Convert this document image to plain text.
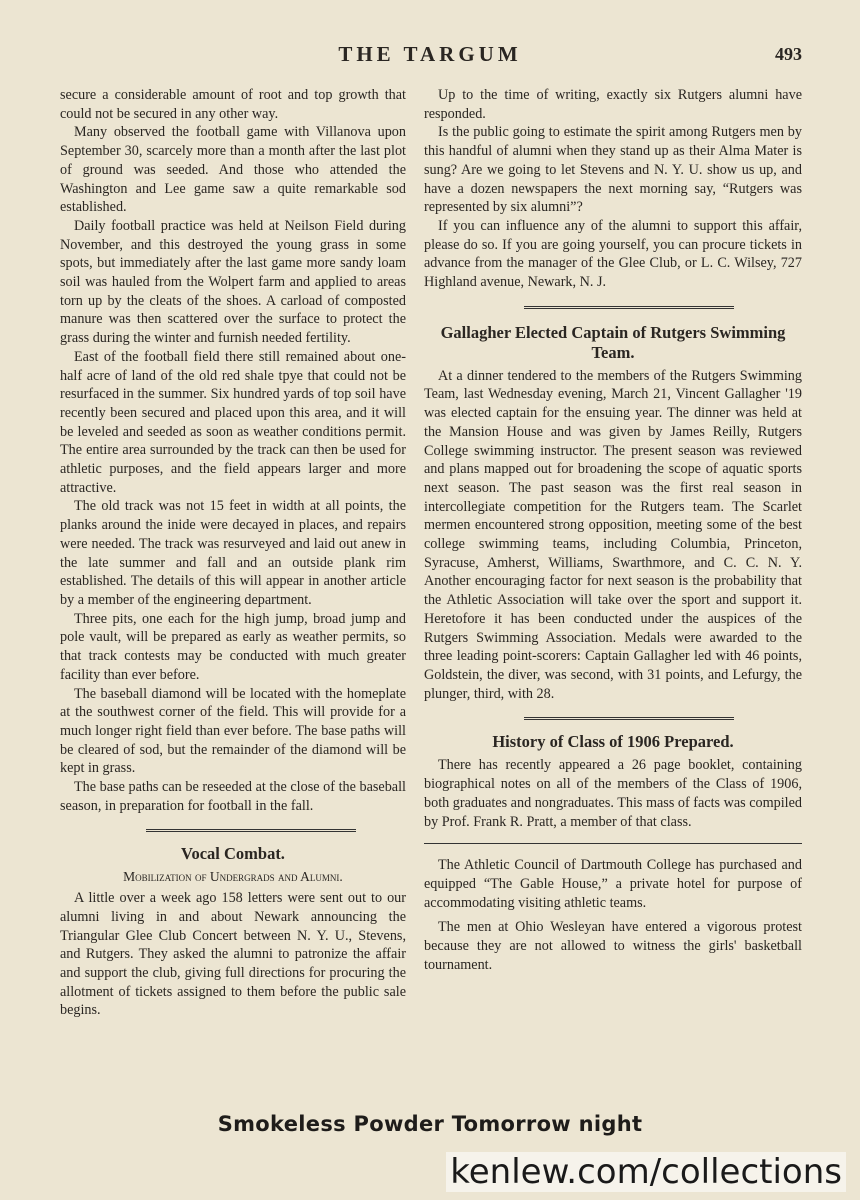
THE TARGUM	493

secure a considerable amount of root and top growth that could not be secured in any other way.

Many observed the football game with Villanova upon September 30, scarcely more than a month after the last plot of ground was seeded. And those who attended the Washington and Lee game saw a quite remarkable sod established.

Daily football practice was held at Neilson Field during November, and this destroyed the young grass in some spots, but immediately after the last game more sandy loam soil was hauled from the Wolpert farm and applied to areas torn up by the cleats of the shoes. A carload of composted manure was then scattered over the surface to protect the grass during the winter and furnish needed fertility.

East of the football field there still remained about one-half acre of land of the old red shale tpye that could not be resurfaced in the summer. Six hundred yards of top soil have recently been secured and placed upon this area, and it will be leveled and seeded as soon as weather conditions permit. The entire area surrounded by the track can then be used for athletic purposes, and the field appears larger and more attractive.

The old track was not 15 feet in width at all points, the planks around the inide were decayed in places, and repairs were needed. The track was resurveyed and laid out anew in the late summer and fall and an outside plank rim established. The details of this will appear in another article by a member of the engineering department.

Three pits, one each for the high jump, broad jump and pole vault, will be prepared as early as weather permits, so that track contests may be conducted with much greater facility than ever before.

The baseball diamond will be located with the homeplate at the southwest corner of the field. This will provide for a much longer right field than ever before. The base paths will be cleared of sod, but the remainder of the diamond will be kept in grass.

The base paths can be reseeded at the close of the baseball season, in preparation for football in the fall.

Vocal Combat.
Mobilization of Undergrads and Alumni.

A little over a week ago 158 letters were sent out to our alumni living in and about Newark announcing the Triangular Glee Club Concert between N. Y. U., Stevens, and Rutgers. They asked the alumni to patronize the affair and support the club, giving full directions for procuring the allotment of tickets assigned to them before the public sale begins.

Up to the time of writing, exactly six Rutgers alumni have responded.

Is the public going to estimate the spirit among Rutgers men by this handful of alumni when they stand up as their Alma Mater is sung? Are we going to let Stevens and N. Y. U. show us up, and have a dozen newspapers the next morning say, “Rutgers was represented by six alumni”?

If you can influence any of the alumni to support this affair, please do so. If you are going yourself, you can procure tickets in advance from the manager of the Glee Club, or L. C. Wilsey, 727 Highland avenue, Newark, N. J.

Gallagher Elected Captain of Rutgers Swimming Team.

At a dinner tendered to the members of the Rutgers Swimming Team, last Wednesday evening, March 21, Vincent Gallagher '19 was elected captain for the ensuing year. The dinner was held at the Mansion House and was given by James Reilly, Rutgers College swimming instructor. The present season was reviewed and plans mapped out for broadening the scope of aquatic sports next season. The past season was the first real season in intercollegiate competition for the Rutgers team. The Scarlet mermen encountered strong opposition, meeting some of the best college swimming teams, including Columbia, Princeton, Syracuse, Amherst, Williams, Swarthmore, and C. C. N. Y. Another encouraging factor for next season is the probability that the Athletic Association will take over the sport and support it. Heretofore it has been conducted under the auspices of the Rutgers Swimming Association. Medals were awarded to the three leading point-scorers: Captain Gallagher led with 46 points, Goldstein, the diver, was second, with 31 points, and Lefurgy, the plunger, third, with 28.

History of Class of 1906 Prepared.

There has recently appeared a 26 page booklet, containing biographical notes on all of the members of the Class of 1906, both graduates and nongraduates. This mass of facts was compiled by Prof. Frank R. Pratt, a member of that class.

The Athletic Council of Dartmouth College has purchased and equipped “The Gable House,” a private hotel for purpose of accommodating visiting athletic teams.

The men at Ohio Wesleyan have entered a vigorous protest because they are not allowed to witness the girls' basketball tournament.

Smokeless Powder Tomorrow night
kenlew.com/collections
